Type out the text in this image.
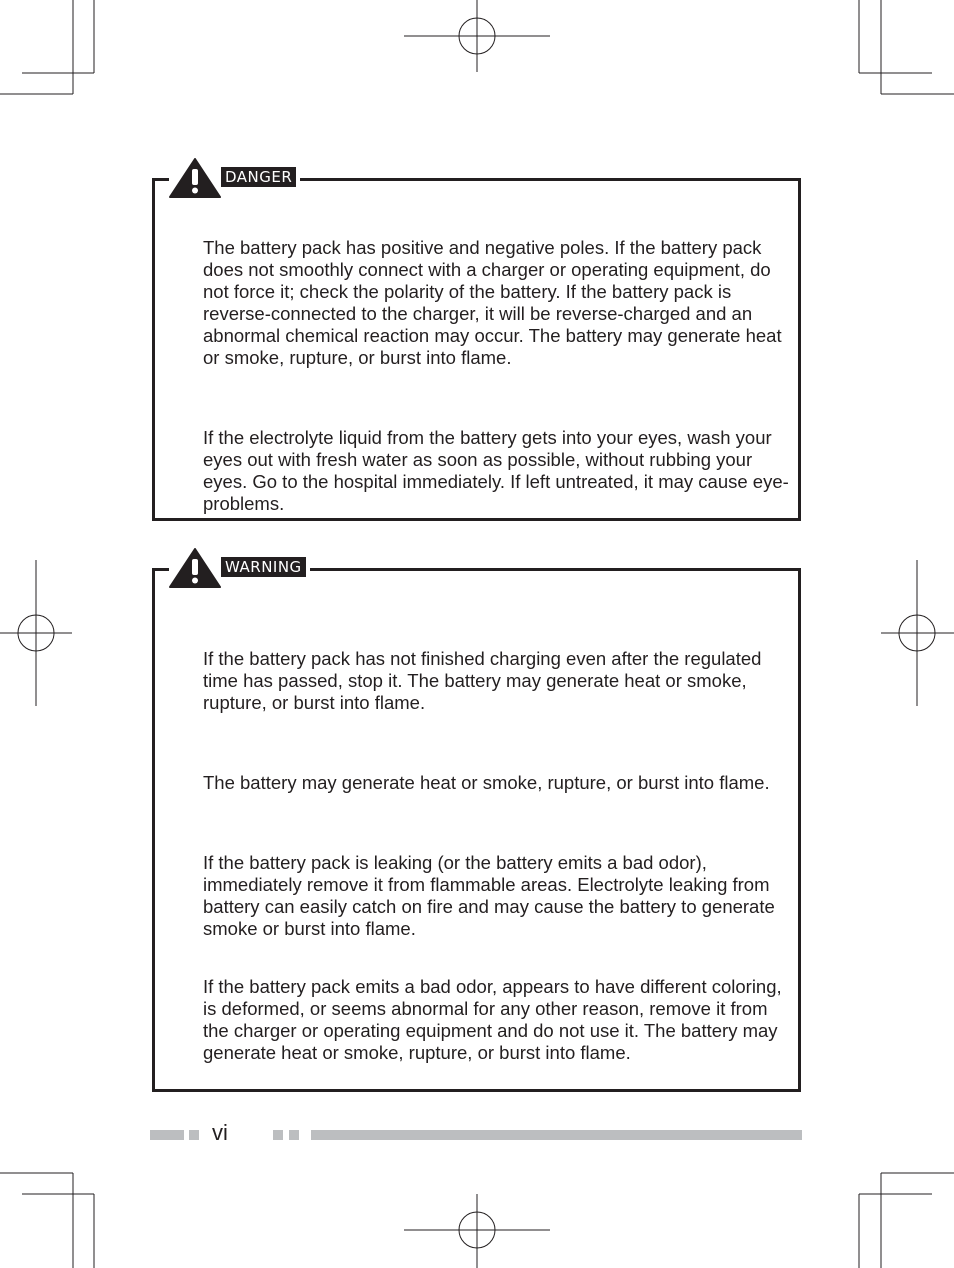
DANGER

The battery pack has positive and negative poles. If the battery pack does not smoothly connect with a charger or operating equipment, do not force it; check the polarity of the battery. If the battery pack is reverse-connected to the charger, it will be reverse-charged and an abnormal chemical reaction may occur. The battery may generate heat or smoke, rupture, or burst into flame.

If the electrolyte liquid from the battery gets into your eyes, wash your eyes out with fresh water as soon as possible, without rubbing your eyes. Go to the hospital immediately. If left untreated, it may cause eye-problems.

WARNING

If the battery pack has not finished charging even after the regulated time has passed, stop it. The battery may generate heat or smoke, rupture, or burst into flame.

The battery may generate heat or smoke, rupture, or burst into flame.

If the battery pack is leaking (or the battery emits a bad odor), immediately remove it from flammable areas. Electrolyte leaking from battery can easily catch on fire and may cause the battery to generate smoke or burst into flame.

If the battery pack emits a bad odor, appears to have different coloring, is deformed, or seems abnormal for any other reason, remove it from the charger or operating equipment and do not use it. The battery may generate heat or smoke, rupture, or burst into flame.

vi
